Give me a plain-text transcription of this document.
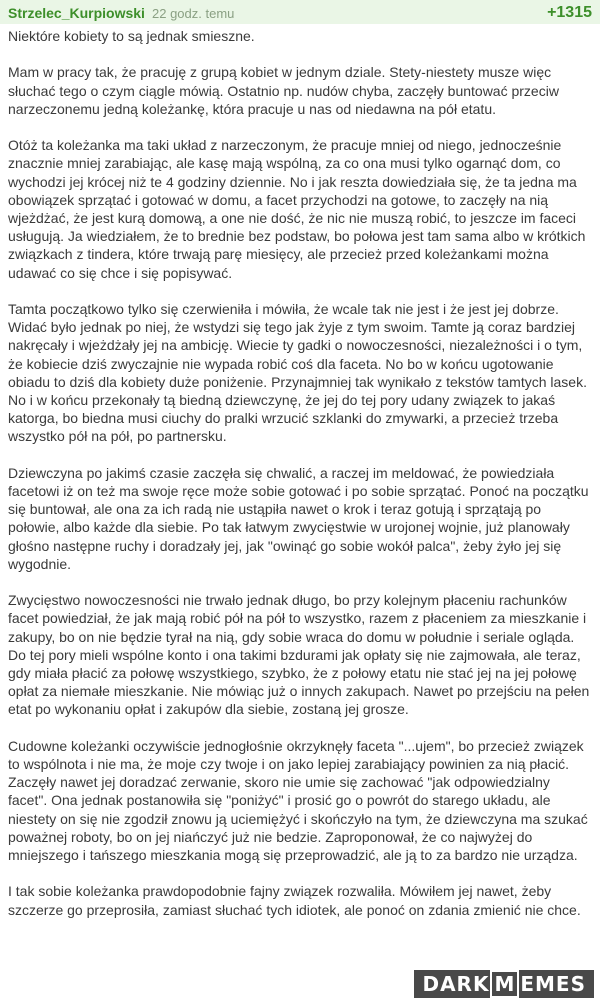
Strzelec_Kurpiowski 22 godz. temu	+1315

Niektóre kobiety to są jednak smieszne.

Mam w pracy tak, że pracuję z grupą kobiet w jednym dziale. Stety-niestety musze więc
słuchać tego o czym ciągle mówią. Ostatnio np. nudów chyba, zaczęły buntować przeciw
narzeczonemu jedną koleżankę, która pracuje u nas od niedawna na pół etatu.

Otóż ta koleżanka ma taki układ z narzeczonym, że pracuje mniej od niego, jednocześnie
znacznie mniej zarabiając, ale kasę mają wspólną, za co ona musi tylko ogarnąć dom, co
wychodzi jej krócej niż te 4 godziny dziennie. No i jak reszta dowiedziała się, że ta jedna ma
obowiązek sprzątać i gotować w domu, a facet przychodzi na gotowe, to zaczęły na nią
wjeżdżać, że jest kurą domową, a one nie dość, że nic nie muszą robić, to jeszcze im faceci
usługują. Ja wiedziałem, że to brednie bez podstaw, bo połowa jest tam sama albo w krótkich
związkach z tindera, które trwają parę miesięcy, ale przecież przed koleżankami można
udawać co się chce i się popisywać.

Tamta początkowo tylko się czerwieniła i mówiła, że wcale tak nie jest i że jest jej dobrze.
Widać było jednak po niej, że wstydzi się tego jak żyje z tym swoim. Tamte ją coraz bardziej
nakręcały i wjeżdżały jej na ambicję. Wiecie ty gadki o nowoczesności, niezależności i o tym,
że kobiecie dziś zwyczajnie nie wypada robić coś dla faceta. No bo w końcu ugotowanie
obiadu to dziś dla kobiety duże poniżenie. Przynajmniej tak wynikało z tekstów tamtych lasek.
No i w końcu przekonały tą biedną dziewczynę, że jej do tej pory udany związek to jakaś
katorga, bo biedna musi ciuchy do pralki wrzucić szklanki do zmywarki, a przecież trzeba
wszystko pół na pół, po partnersku.

Dziewczyna po jakimś czasie zaczęła się chwalić, a raczej im meldować, że powiedziała
facetowi iż on też ma swoje ręce może sobie gotować i po sobie sprzątać. Ponoć na początku
się buntował, ale ona za ich radą nie ustąpiła nawet o krok i teraz gotują i sprzątają po
połowie, albo każde dla siebie. Po tak łatwym zwycięstwie w urojonej wojnie, już planowały
głośno następne ruchy i doradzały jej, jak "owinąć go sobie wokół palca", żeby żyło jej się
wygodnie.

Zwycięstwo nowoczesności nie trwało jednak długo, bo przy kolejnym płaceniu rachunków
facet powiedział, że jak mają robić pół na pół to wszystko, razem z płaceniem za mieszkanie i
zakupy, bo on nie będzie tyrał na nią, gdy sobie wraca do domu w południe i seriale ogląda.
Do tej pory mieli wspólne konto i ona takimi bzdurami jak opłaty się nie zajmowała, ale teraz,
gdy miała płacić za połowę wszystkiego, szybko, że z połowy etatu nie stać jej na jej połowę
opłat za niemałe mieszkanie. Nie mówiąc już o innych zakupach. Nawet po przejściu na pełen
etat po wykonaniu opłat i zakupów dla siebie, zostaną jej grosze.

Cudowne koleżanki oczywiście jednogłośnie okrzyknęły faceta "...ujem", bo przecież związek
to wspólnota i nie ma, że moje czy twoje i on jako lepiej zarabiający powinien za nią płacić.
Zaczęły nawet jej doradzać zerwanie, skoro nie umie się zachować "jak odpowiedzialny
facet". Ona jednak postanowiła się "poniżyć" i prosić go o powrót do starego układu, ale
niestety on się nie zgodził znowu ją uciemiężyć i skończyło na tym, że dziewczyna ma szukać
poważnej roboty, bo on jej niańczyć już nie bedzie. Zaproponował, że co najwyżej do
mniejszego i tańszego mieszkania mogą się przeprowadzić, ale ją to za bardzo nie urządza.

I tak sobie koleżanka prawdopodobnie fajny związek rozwaliła. Mówiłem jej nawet, żeby
szczerze go przeprosiła, zamiast słuchać tych idiotek, ale ponoć on zdania zmienić nie chce.

DARK M EMES
